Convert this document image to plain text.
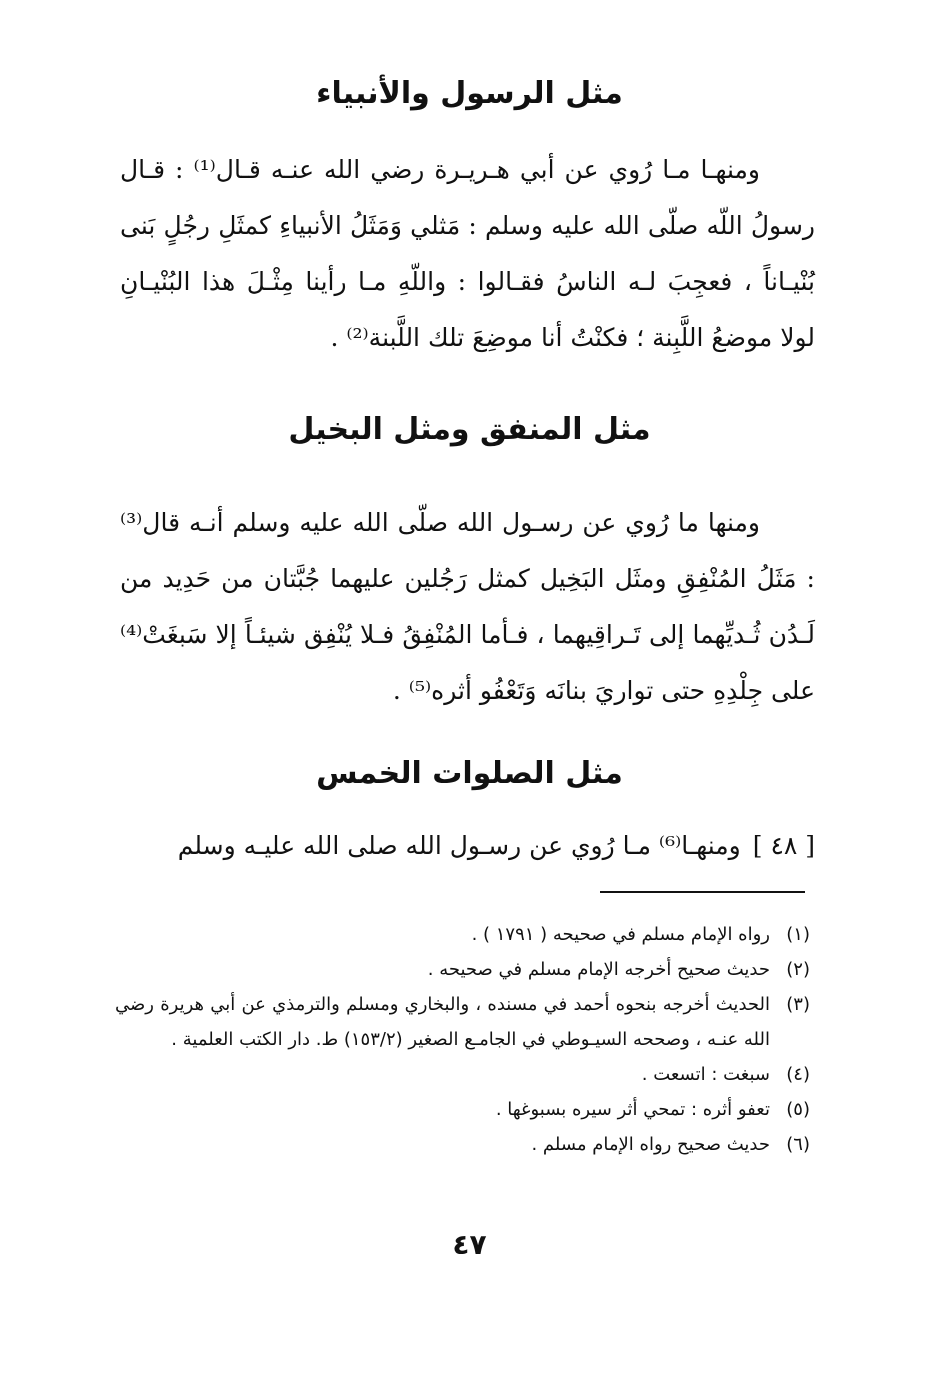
مثل الرسول والأنبياء

ومنهـا مـا رُوي عن أبي هـريـرة رضي الله عنـه قـال⁽¹⁾ : قـال رسولُ اللّه صلّى الله عليه وسلم : مَثلي وَمَثَلُ الأنبياءِ كمثَلِ رجُلٍ بَنى بُنْيـاناً ، فعجِبَ لـه الناسُ فقـالوا : واللّهِ مـا رأينا مِثْـلَ هذا البُنْيـانِ لولا موضعُ اللَّبِنة ؛ فكنْتُ أنا موضِعَ تلك اللَّبنة⁽²⁾ .

مثل المنفق ومثل البخيل

ومنها ما رُوي عن رسـول الله صلّى الله عليه وسلم أنـه قال⁽³⁾ : مَثَلُ المُنْفِقِ ومثَل البَخِيل كمثل رَجُلين عليهما جُبَّتان من حَدِيد من لَـدُن ثُـديِّهما إلى تَـراقِيهما ، فـأما المُنْفِقُ فـلا يُنْفِق شيئـاً إلا سَبغَتْ⁽⁴⁾ على جِلْدِهِ حتى تواريَ بنانَه وَتَعْفُو أثره⁽⁵⁾ .

مثل الصلوات الخمس

[ ٤٨ ]ومنهـا⁽⁶⁾ مـا رُوي عن رسـول الله صلى الله عليـه وسلم

(١)رواه الإمام مسلم في صحيحه ( ١٧٩١ ) .

(٢)حديث صحيح أخرجه الإمام مسلم في صحيحه .

(٣)الحديث أخرجه بنحوه أحمد في مسنده ، والبخاري ومسلم والترمذي عن أبي هريرة رضي الله عنـه ، وصححه السيـوطي في الجامـع الصغير (١٥٣/٢) ط. دار الكتب العلمية .

(٤)سبغت : اتسعت .

(٥)تعفو أثره : تمحي أثر سيره بسبوغها .

(٦)حديث صحيح رواه الإمام مسلم .

٤٧
